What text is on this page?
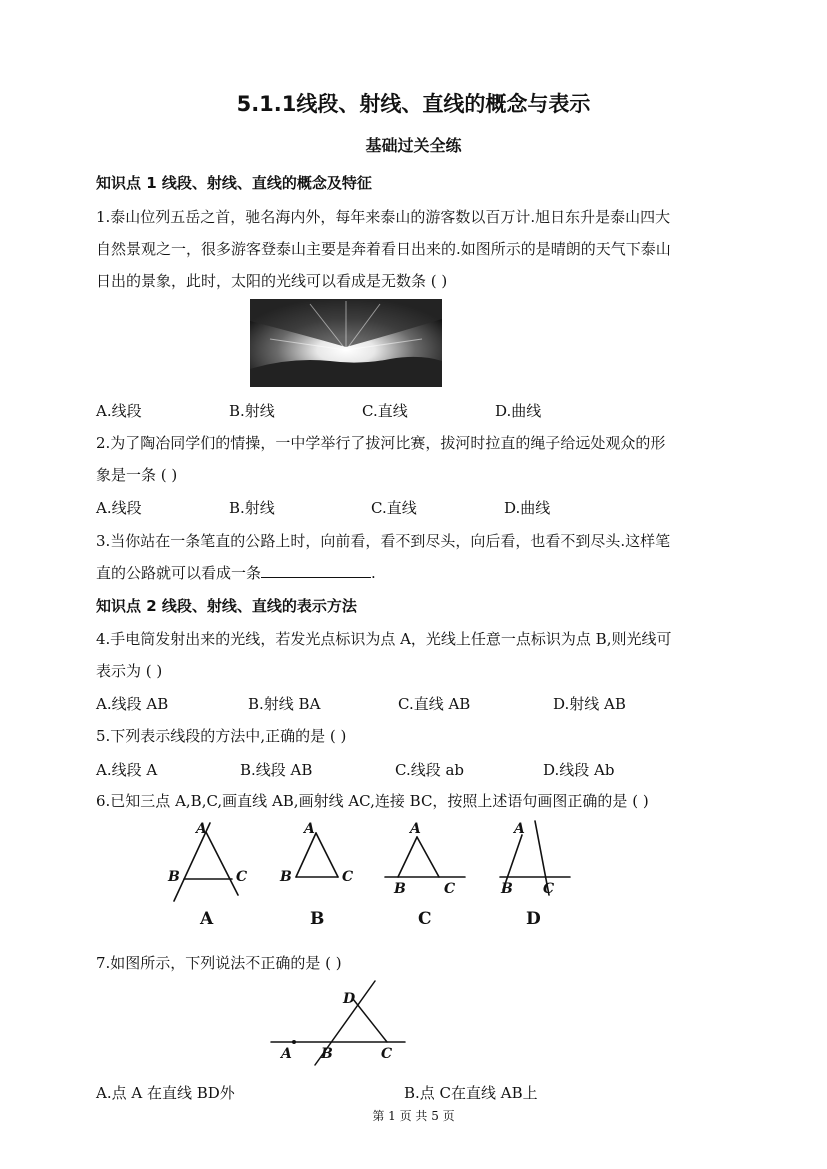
5.1.1线段、射线、直线的概念与表示
基础过关全练
知识点 1 线段、射线、直线的概念及特征
1.泰山位列五岳之首，驰名海内外，每年来泰山的游客数以百万计.旭日东升是泰山四大
自然景观之一，很多游客登泰山主要是奔着看日出来的.如图所示的是晴朗的天气下泰山
日出的景象，此时，太阳的光线可以看成是无数条 ( )
A.线段	B.射线	C.直线	D.曲线
2.为了陶冶同学们的情操，一中学举行了拔河比赛，拔河时拉直的绳子给远处观众的形
象是一条 ( )
A.线段	B.射线	C.直线	D.曲线
3.当你站在一条笔直的公路上时，向前看，看不到尽头，向后看，也看不到尽头.这样笔
直的公路就可以看成一条	.
知识点 2 线段、射线、直线的表示方法
4.手电筒发射出来的光线，若发光点标识为点 A，光线上任意一点标识为点 B,则光线可
表示为 ( )
A.线段 AB	B.射线 BA	C.直线 AB	D.射线 AB
5.下列表示线段的方法中,正确的是 ( )
A.线段 A	B.线段 AB	C.线段 ab	D.线段 Ab
6.已知三点 A,B,C,画直线 AB,画射线 AC,连接 BC，按照上述语句画图正确的是 ( )
A
B	C
A
B	C
A
B	C
A
B C
A	B	C	D
7.如图所示，下列说法不正确的是 ( )
D
A B	C
A.点 A 在直线 BD外	B.点 C在直线 AB上
第 1 页 共 5 页
